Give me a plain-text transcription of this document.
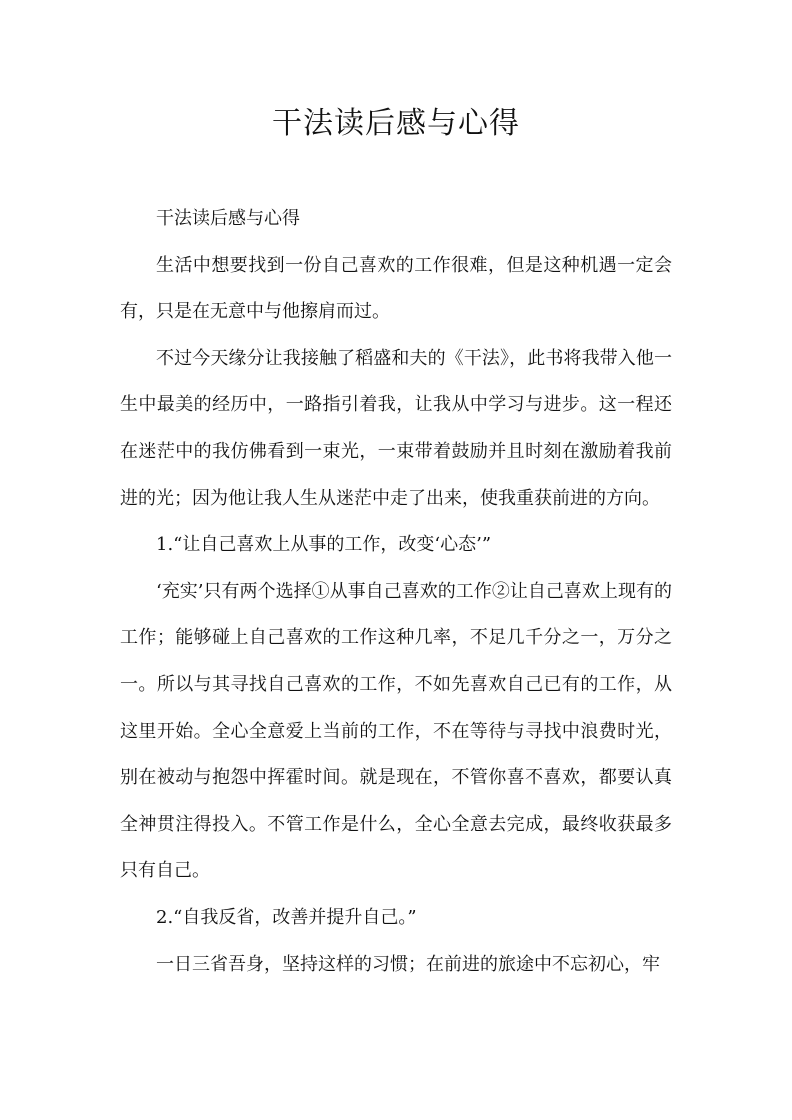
干法读后感与心得

干法读后感与心得

生活中想要找到一份自己喜欢的工作很难，但是这种机遇一定会有，只是在无意中与他擦肩而过。

不过今天缘分让我接触了稻盛和夫的《干法》，此书将我带入他一生中最美的经历中，一路指引着我，让我从中学习与进步。这一程还在迷茫中的我仿佛看到一束光，一束带着鼓励并且时刻在激励着我前进的光；因为他让我人生从迷茫中走了出来，使我重获前进的方向。

1.“让自己喜欢上从事的工作，改变‘心态’”

‘充实’只有两个选择①从事自己喜欢的工作②让自己喜欢上现有的工作；能够碰上自己喜欢的工作这种几率，不足几千分之一，万分之一。所以与其寻找自己喜欢的工作，不如先喜欢自己已有的工作，从这里开始。全心全意爱上当前的工作，不在等待与寻找中浪费时光，别在被动与抱怨中挥霍时间。就是现在，不管你喜不喜欢，都要认真全神贯注得投入。不管工作是什么，全心全意去完成，最终收获最多只有自己。

2.“自我反省，改善并提升自己。”

一日三省吾身，坚持这样的习惯；在前进的旅途中不忘初心，牢
